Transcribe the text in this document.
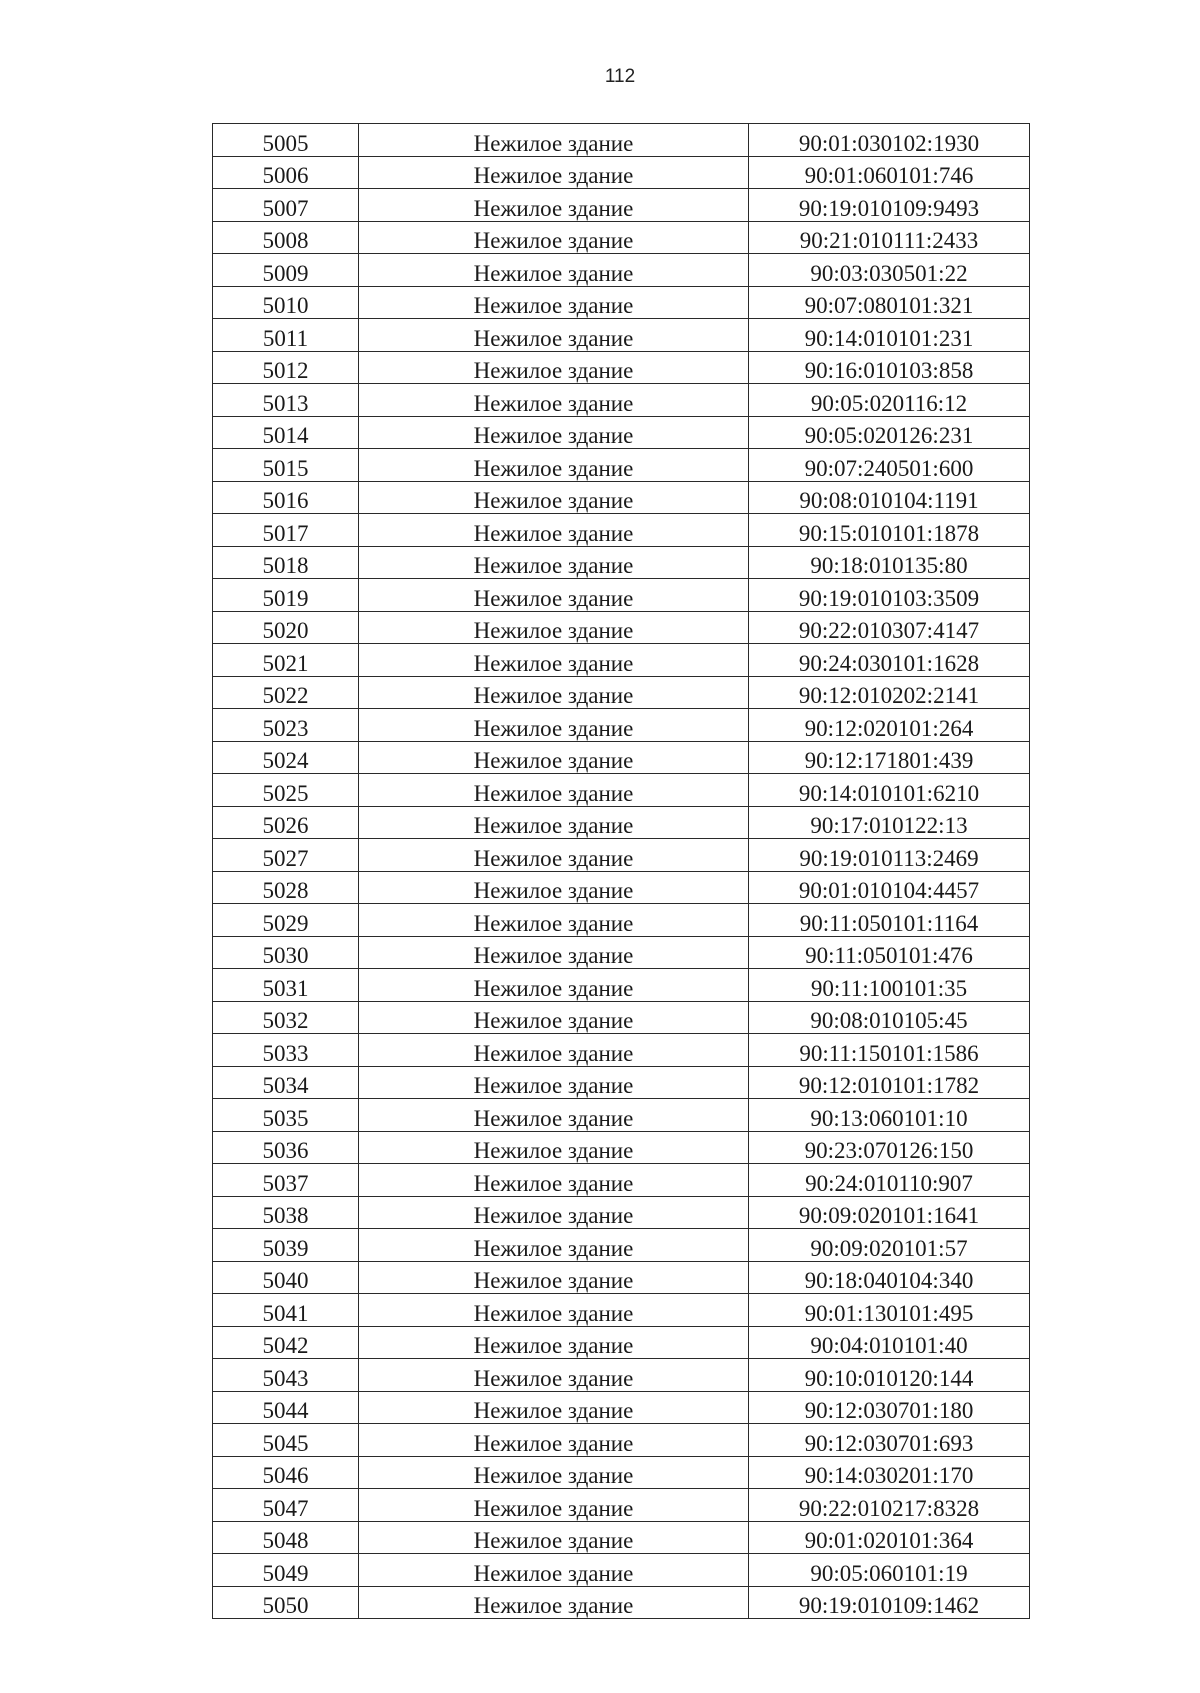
112
5005	Нежилое здание	90:01:030102:1930
5006	Нежилое здание	90:01:060101:746
5007	Нежилое здание	90:19:010109:9493
5008	Нежилое здание	90:21:010111:2433
5009	Нежилое здание	90:03:030501:22
5010	Нежилое здание	90:07:080101:321
5011	Нежилое здание	90:14:010101:231
5012	Нежилое здание	90:16:010103:858
5013	Нежилое здание	90:05:020116:12
5014	Нежилое здание	90:05:020126:231
5015	Нежилое здание	90:07:240501:600
5016	Нежилое здание	90:08:010104:1191
5017	Нежилое здание	90:15:010101:1878
5018	Нежилое здание	90:18:010135:80
5019	Нежилое здание	90:19:010103:3509
5020	Нежилое здание	90:22:010307:4147
5021	Нежилое здание	90:24:030101:1628
5022	Нежилое здание	90:12:010202:2141
5023	Нежилое здание	90:12:020101:264
5024	Нежилое здание	90:12:171801:439
5025	Нежилое здание	90:14:010101:6210
5026	Нежилое здание	90:17:010122:13
5027	Нежилое здание	90:19:010113:2469
5028	Нежилое здание	90:01:010104:4457
5029	Нежилое здание	90:11:050101:1164
5030	Нежилое здание	90:11:050101:476
5031	Нежилое здание	90:11:100101:35
5032	Нежилое здание	90:08:010105:45
5033	Нежилое здание	90:11:150101:1586
5034	Нежилое здание	90:12:010101:1782
5035	Нежилое здание	90:13:060101:10
5036	Нежилое здание	90:23:070126:150
5037	Нежилое здание	90:24:010110:907
5038	Нежилое здание	90:09:020101:1641
5039	Нежилое здание	90:09:020101:57
5040	Нежилое здание	90:18:040104:340
5041	Нежилое здание	90:01:130101:495
5042	Нежилое здание	90:04:010101:40
5043	Нежилое здание	90:10:010120:144
5044	Нежилое здание	90:12:030701:180
5045	Нежилое здание	90:12:030701:693
5046	Нежилое здание	90:14:030201:170
5047	Нежилое здание	90:22:010217:8328
5048	Нежилое здание	90:01:020101:364
5049	Нежилое здание	90:05:060101:19
5050	Нежилое здание	90:19:010109:1462
